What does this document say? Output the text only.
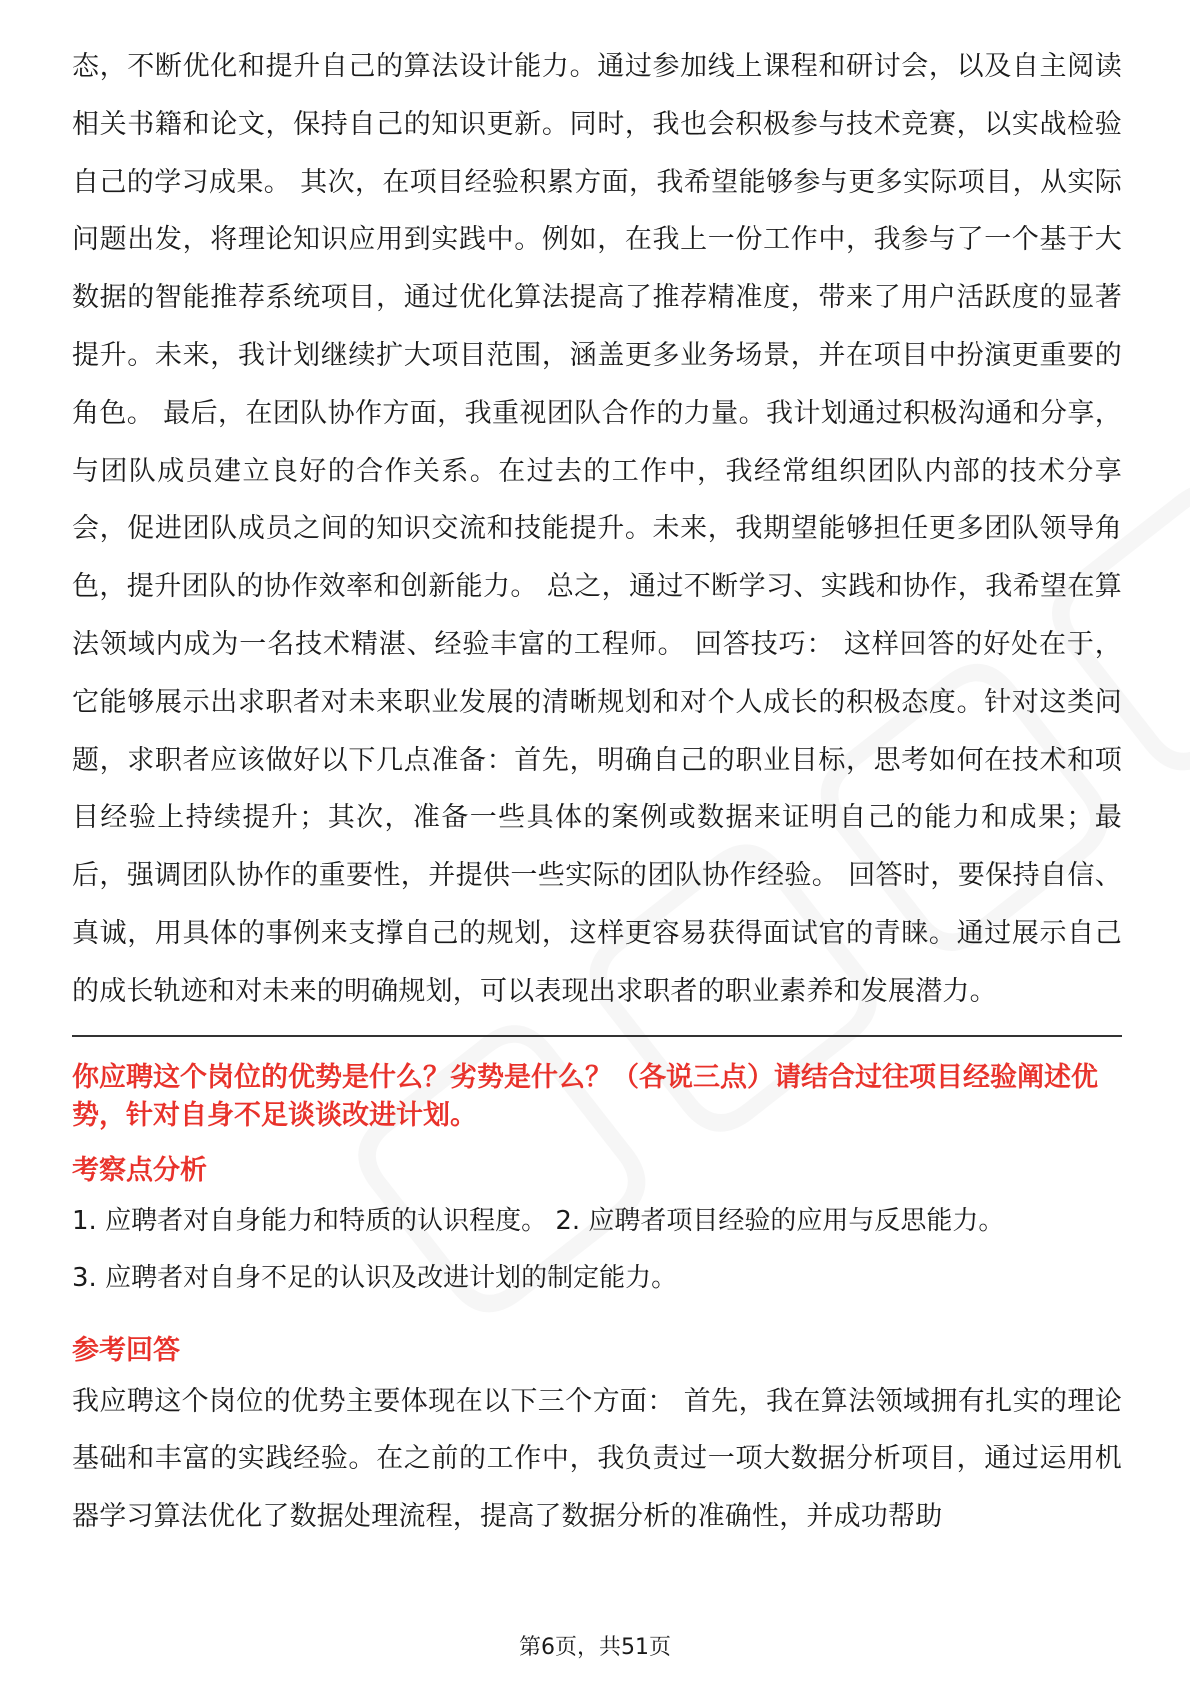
态，不断优化和提升自己的算法设计能力。通过参加线上课程和研讨会，以及自主阅读相关书籍和论文，保持自己的知识更新。同时，我也会积极参与技术竞赛，以实战检验自己的学习成果。 其次，在项目经验积累方面，我希望能够参与更多实际项目，从实际问题出发，将理论知识应用到实践中。例如，在我上一份工作中，我参与了一个基于大数据的智能推荐系统项目，通过优化算法提高了推荐精准度，带来了用户活跃度的显著提升。未来，我计划继续扩大项目范围，涵盖更多业务场景，并在项目中扮演更重要的角色。 最后，在团队协作方面，我重视团队合作的力量。我计划通过积极沟通和分享，与团队成员建立良好的合作关系。在过去的工作中，我经常组织团队内部的技术分享会，促进团队成员之间的知识交流和技能提升。未来，我期望能够担任更多团队领导角色，提升团队的协作效率和创新能力。 总之，通过不断学习、实践和协作，我希望在算法领域内成为一名技术精湛、经验丰富的工程师。 回答技巧： 这样回答的好处在于，它能够展示出求职者对未来职业发展的清晰规划和对个人成长的积极态度。针对这类问题，求职者应该做好以下几点准备：首先，明确自己的职业目标，思考如何在技术和项目经验上持续提升；其次，准备一些具体的案例或数据来证明自己的能力和成果；最后，强调团队协作的重要性，并提供一些实际的团队协作经验。 回答时，要保持自信、真诚，用具体的事例来支撑自己的规划，这样更容易获得面试官的青睐。通过展示自己的成长轨迹和对未来的明确规划，可以表现出求职者的职业素养和发展潜力。

你应聘这个岗位的优势是什么？劣势是什么？（各说三点）请结合过往项目经验阐述优势，针对自身不足谈谈改进计划。

考察点分析
1. 应聘者对自身能力和特质的认识程度。 2. 应聘者项目经验的应用与反思能力。
3. 应聘者对自身不足的认识及改进计划的制定能力。
参考回答

我应聘这个岗位的优势主要体现在以下三个方面： 首先，我在算法领域拥有扎实的理论基础和丰富的实践经验。在之前的工作中，我负责过一项大数据分析项目，通过运用机器学习算法优化了数据处理流程，提高了数据分析的准确性，并成功帮助

第6页，共51页
